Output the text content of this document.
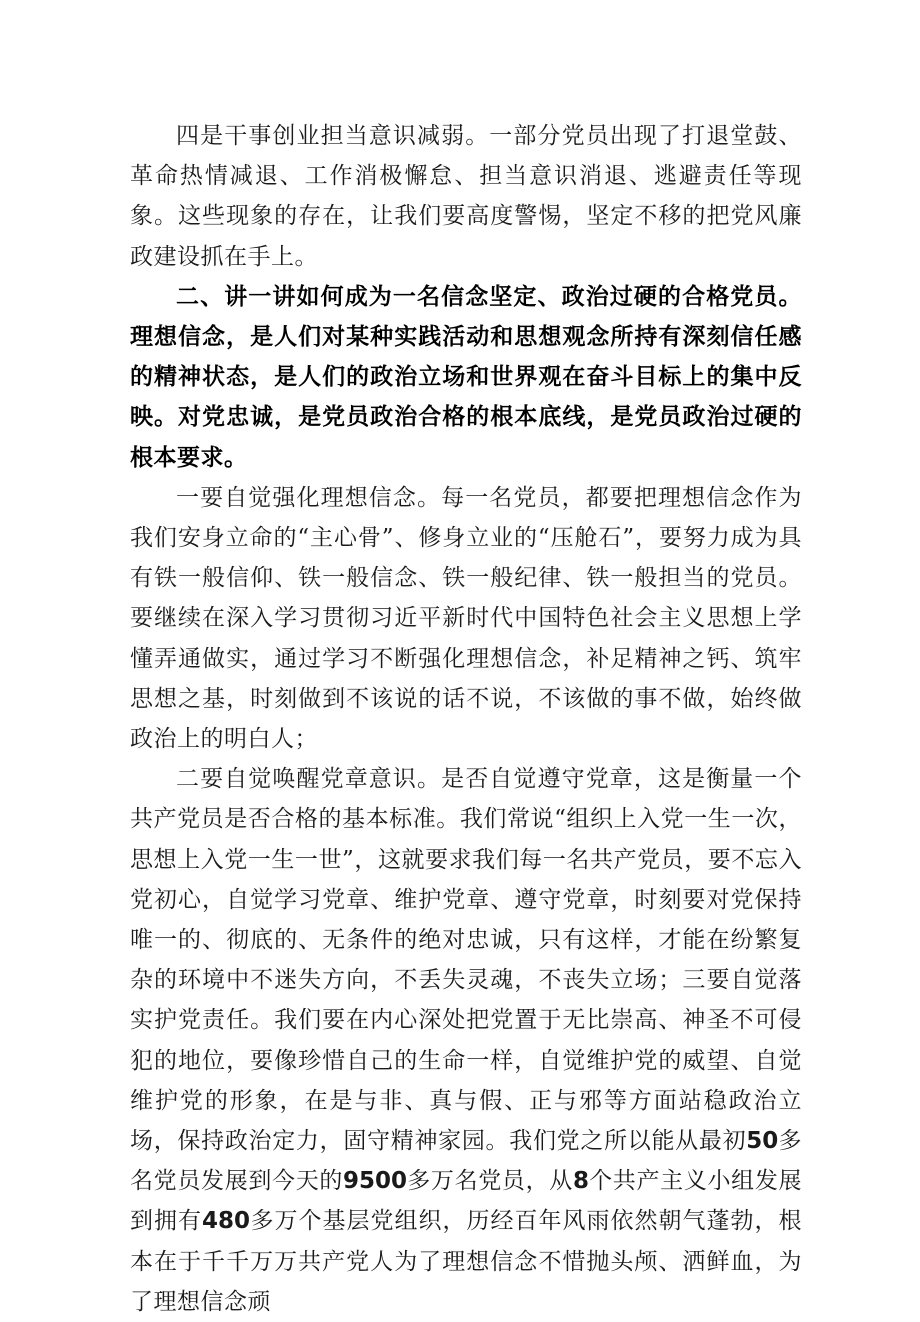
四是干事创业担当意识减弱。一部分党员出现了打退堂鼓、革命热情减退、工作消极懈怠、担当意识消退、逃避责任等现象。这些现象的存在，让我们要高度警惕，坚定不移的把党风廉政建设抓在手上。

二、讲一讲如何成为一名信念坚定、政治过硬的合格党员。理想信念，是人们对某种实践活动和思想观念所持有深刻信任感的精神状态，是人们的政治立场和世界观在奋斗目标上的集中反映。对党忠诚，是党员政治合格的根本底线，是党员政治过硬的根本要求。

一要自觉强化理想信念。每一名党员，都要把理想信念作为我们安身立命的“主心骨”、修身立业的“压舱石”，要努力成为具有铁一般信仰、铁一般信念、铁一般纪律、铁一般担当的党员。要继续在深入学习贯彻习近平新时代中国特色社会主义思想上学懂弄通做实，通过学习不断强化理想信念，补足精神之钙、筑牢思想之基，时刻做到不该说的话不说，不该做的事不做，始终做政治上的明白人；

二要自觉唤醒党章意识。是否自觉遵守党章，这是衡量一个共产党员是否合格的基本标准。我们常说“组织上入党一生一次，思想上入党一生一世”，这就要求我们每一名共产党员，要不忘入党初心，自觉学习党章、维护党章、遵守党章，时刻要对党保持唯一的、彻底的、无条件的绝对忠诚，只有这样，才能在纷繁复杂的环境中不迷失方向，不丢失灵魂，不丧失立场；三要自觉落实护党责任。我们要在内心深处把党置于无比崇高、神圣不可侵犯的地位，要像珍惜自己的生命一样，自觉维护党的威望、自觉维护党的形象，在是与非、真与假、正与邪等方面站稳政治立场，保持政治定力，固守精神家园。我们党之所以能从最初50多名党员发展到今天的9500多万名党员，从8个共产主义小组发展到拥有480多万个基层党组织，历经百年风雨依然朝气蓬勃，根本在于千千万万共产党人为了理想信念不惜抛头颅、洒鲜血，为了理想信念顽
